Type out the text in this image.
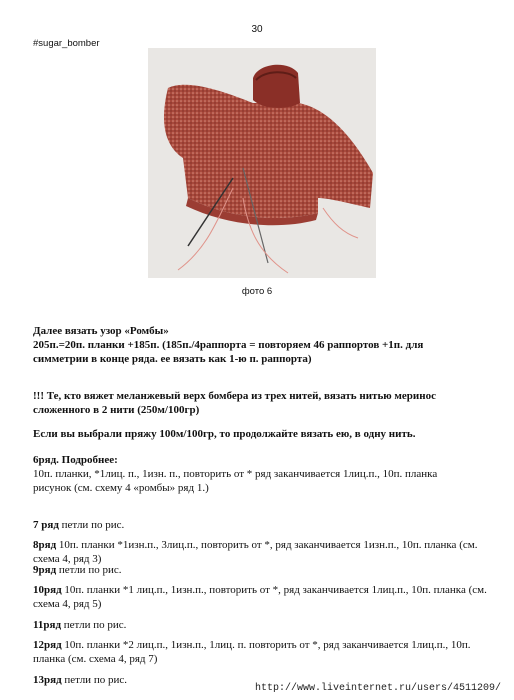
30
#sugar_bomber
фото 6
Далее вязать узор «Ромбы»
205п.=20п. планки +185п. (185п./4раппорта = повторяем 46 раппортов +1п. для
симметрии в конце ряда. ее вязать как 1-ю п. раппорта)
!!! Те, кто вяжет меланжевый верх бомбера из трех нитей, вязать нитью меринос
сложенного в 2 нити (250м/100гр)
Если вы выбрали пряжу 100м/100гр, то продолжайте вязать ею, в одну нить.
6ряд. Подробнее:
10п. планки, *1лиц. п., 1изн. п., повторить от * ряд заканчивается 1лиц.п., 10п. планка
рисунок (см. схему 4 «ромбы» ряд 1.)
7 ряд петли по рис.
8ряд 10п. планки *1изн.п., 3лиц.п., повторить от *, ряд заканчивается 1изн.п., 10п. планка (см.
схема 4, ряд 3)
9ряд петли по рис.
10ряд 10п. планки *1 лиц.п., 1изн.п., повторить от *, ряд заканчивается 1лиц.п., 10п. планка (см.
схема 4, ряд 5)
11ряд петли по рис.
12ряд 10п. планки *2 лиц.п., 1изн.п., 1лиц. п. повторить от *, ряд заканчивается 1лиц.п., 10п.
планка (см. схема 4, ряд 7)
13ряд петли по рис.
http://www.liveinternet.ru/users/4511209/
